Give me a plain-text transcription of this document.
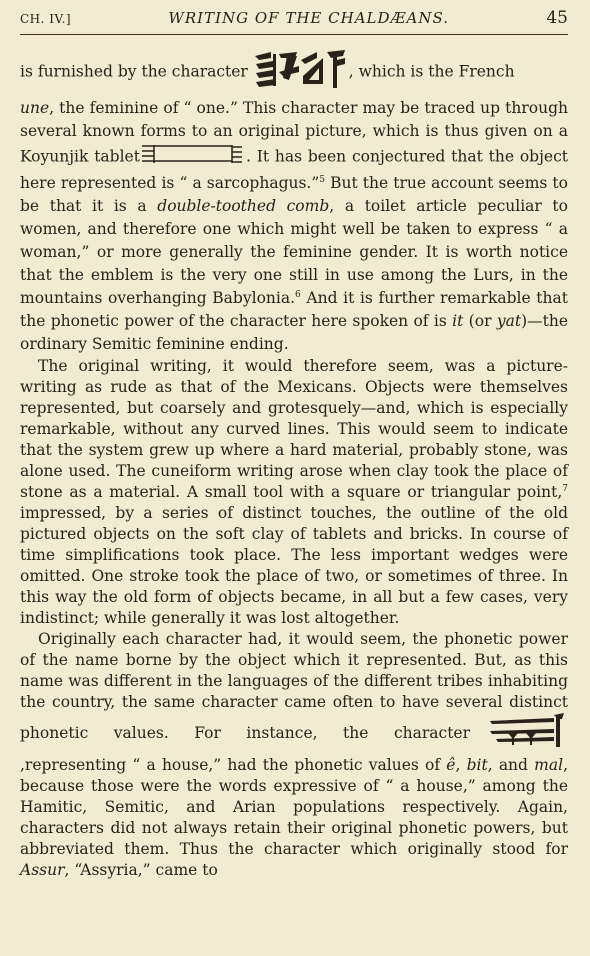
CH. IV.]	WRITING OF THE CHALDÆANS.	45

is furnished by the character	, which is the French
une, the feminine of “ one.” This character may be traced up through several known forms to an original picture, which is thus given on a Koyunjik tablet	. It has been conjectured that the object here represented is “ a sarcophagus.”$^5$ But the true account seems to be that it is a double-toothed comb, a toilet article peculiar to women, and therefore one which might well be taken to express “ a woman,” or more generally the feminine gender. It is worth notice that the emblem is the very one still in use among the Lurs, in the mountains overhanging Babylonia.$^6$ And it is further remarkable that the phonetic power of the character here spoken of is it (or yat)—the ordinary Semitic feminine ending.

The original writing, it would therefore seem, was a picture-writing as rude as that of the Mexicans. Objects were themselves represented, but coarsely and grotesquely—and, which is especially remarkable, without any curved lines. This would seem to indicate that the system grew up where a hard material, probably stone, was alone used. The cuneiform writing arose when clay took the place of stone as a material. A small tool with a square or triangular point,$^7$ impressed, by a series of distinct touches, the outline of the old pictured objects on the soft clay of tablets and bricks. In course of time simplifications took place. The less important wedges were omitted. One stroke took the place of two, or sometimes of three. In this way the old form of objects became, in all but a few cases, very indistinct; while generally it was lost altogether.

Originally each character had, it would seem, the phonetic power of the name borne by the object which it represented. But, as this name was different in the languages of the different tribes inhabiting the country, the same character came often to have several distinct phonetic values. For instance, the character,representing “ a house,” had the phonetic values of ê, bit, and mal, because those were the words expressive of “ a house,” among the Hamitic, Semitic, and Arian populations respectively. Again, characters did not always retain their original phonetic powers, but abbreviated them. Thus the character which originally stood for Assur, “Assyria,” came to
